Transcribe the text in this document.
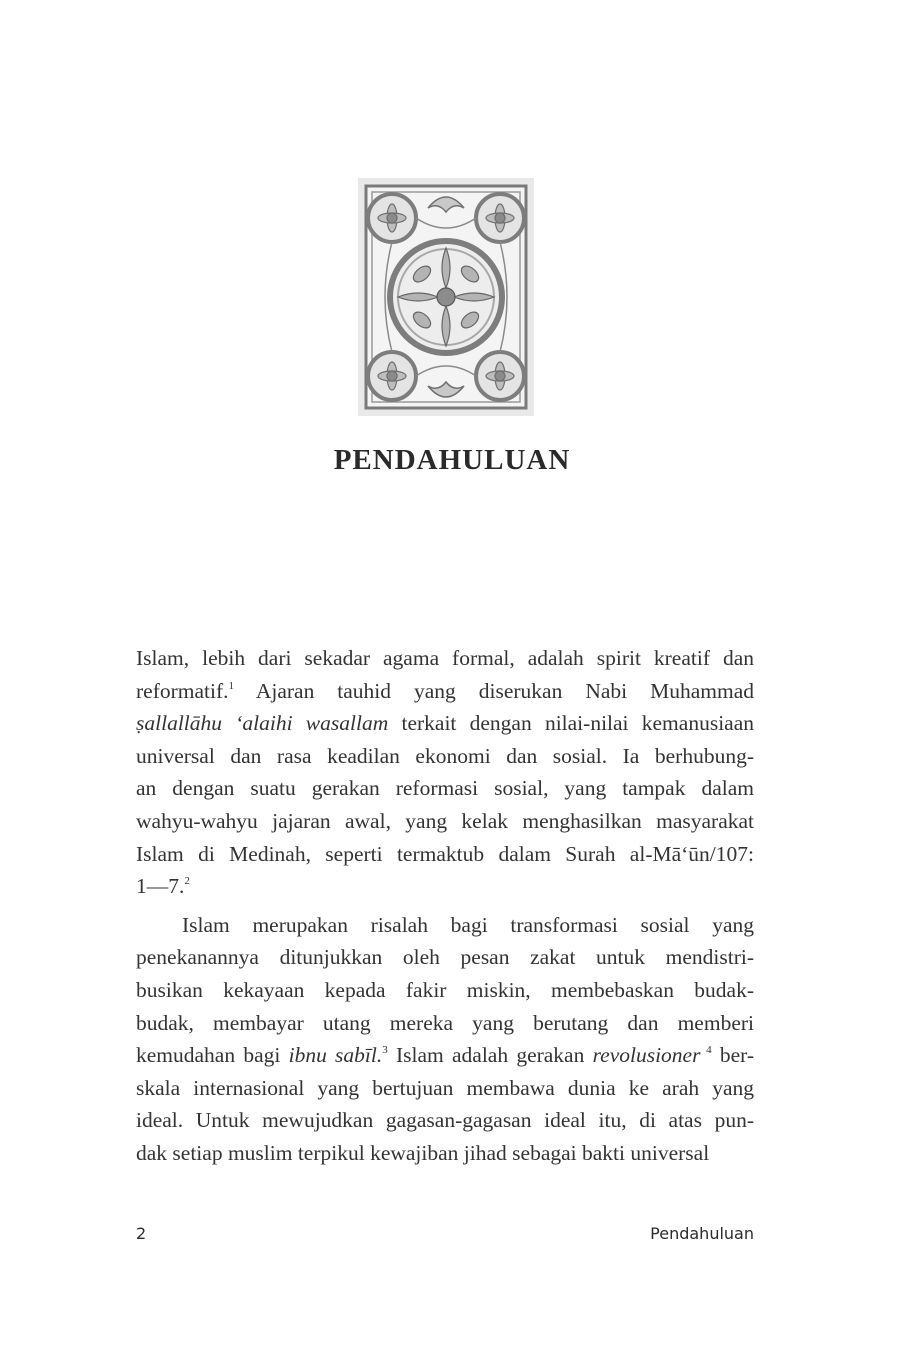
PENDAHULUAN
Islam, lebih dari sekadar agama formal, adalah spirit kreatif dan
reformatif.$^1$ Ajaran tauhid yang diserukan Nabi Muhammad
ṣallallāhu ‘alaihi wasallam terkait dengan nilai-nilai kemanusiaan
universal dan rasa keadilan ekonomi dan sosial. Ia berhubung-
an dengan suatu gerakan reformasi sosial, yang tampak dalam
wahyu-wahyu jajaran awal, yang kelak menghasilkan masyarakat
Islam di Medinah, seperti termaktub dalam Surah al-Mā‘ūn/107:
1—7.$^2$
Islam merupakan risalah bagi transformasi sosial yang
penekanannya ditunjukkan oleh pesan zakat untuk mendistri-
busikan kekayaan kepada fakir miskin, membebaskan budak-
budak, membayar utang mereka yang berutang dan memberi
kemudahan bagi ibnu sabīl.$^3$ Islam adalah gerakan revolusioner $^4$ ber-
skala internasional yang bertujuan membawa dunia ke arah yang
ideal. Untuk mewujudkan gagasan-gagasan ideal itu, di atas pun-
dak setiap muslim terpikul kewajiban jihad sebagai bakti universal
2	Pendahuluan
